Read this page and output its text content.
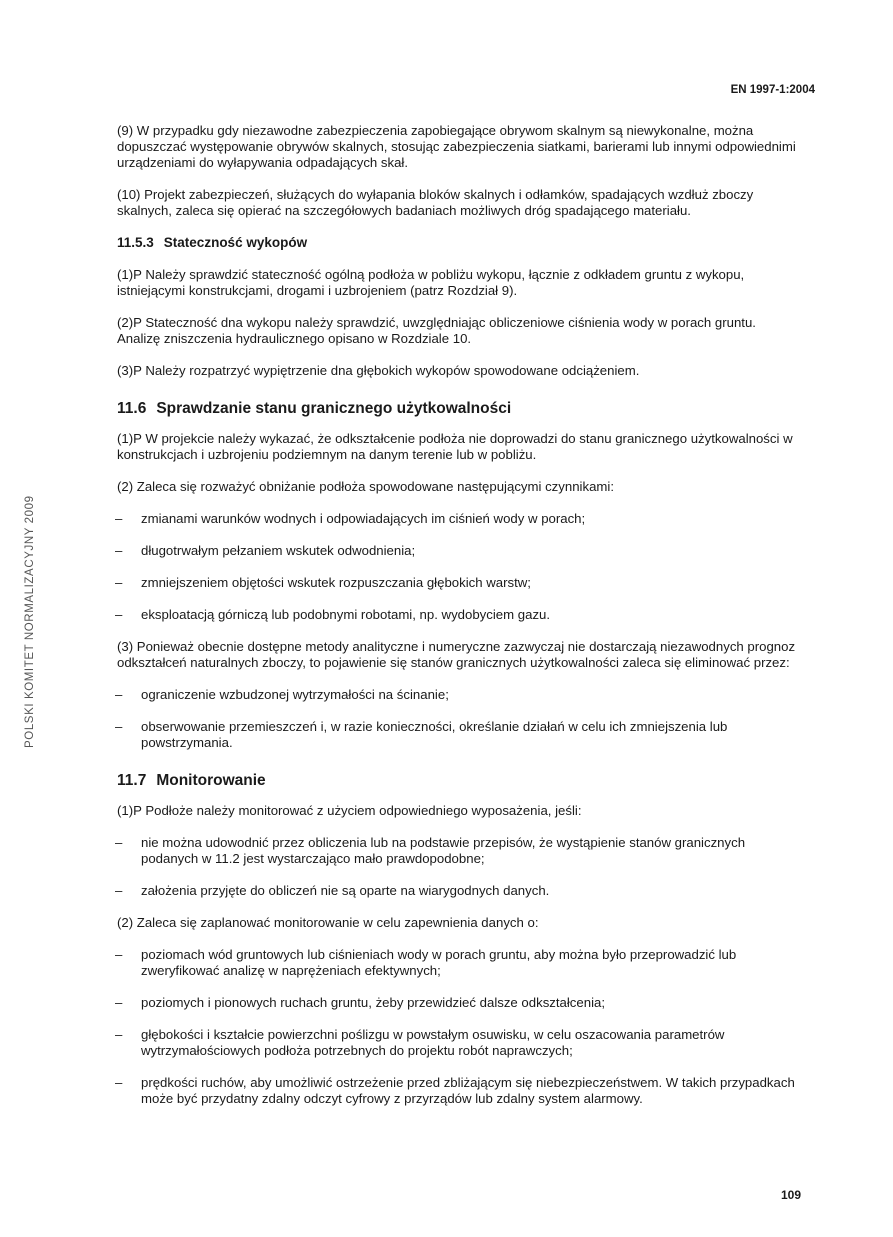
EN 1997-1:2004
POLSKI KOMITET NORMALIZACYJNY 2009

(9) W przypadku gdy niezawodne zabezpieczenia zapobiegające obrywom skalnym są niewykonalne, można dopuszczać występowanie obrywów skalnych, stosując zabezpieczenia siatkami, barierami lub innymi odpowiednimi urządzeniami do wyłapywania odpadających skał.

(10) Projekt zabezpieczeń, służących do wyłapania bloków skalnych i odłamków, spadających wzdłuż zboczy skalnych, zaleca się opierać na szczegółowych badaniach możliwych dróg spadającego materiału.

11.5.3 Stateczność wykopów

(1)P Należy sprawdzić stateczność ogólną podłoża w pobliżu wykopu, łącznie z odkładem gruntu z wykopu, istniejącymi konstrukcjami, drogami i uzbrojeniem (patrz Rozdział 9).

(2)P Stateczność dna wykopu należy sprawdzić, uwzględniając obliczeniowe ciśnienia wody w porach gruntu. Analizę zniszczenia hydraulicznego opisano w Rozdziale 10.

(3)P Należy rozpatrzyć wypiętrzenie dna głębokich wykopów spowodowane odciążeniem.

11.6 Sprawdzanie stanu granicznego użytkowalności

(1)P W projekcie należy wykazać, że odkształcenie podłoża nie doprowadzi do stanu granicznego użytkowalności w konstrukcjach i uzbrojeniu podziemnym na danym terenie lub w pobliżu.

(2) Zaleca się rozważyć obniżanie podłoża spowodowane następującymi czynnikami:

– zmianami warunków wodnych i odpowiadających im ciśnień wody w porach;
– długotrwałym pełzaniem wskutek odwodnienia;
– zmniejszeniem objętości wskutek rozpuszczania głębokich warstw;
– eksploatacją górniczą lub podobnymi robotami, np. wydobyciem gazu.

(3) Ponieważ obecnie dostępne metody analityczne i numeryczne zazwyczaj nie dostarczają niezawodnych prognoz odkształceń naturalnych zboczy, to pojawienie się stanów granicznych użytkowalności zaleca się eliminować przez:

– ograniczenie wzbudzonej wytrzymałości na ścinanie;
– obserwowanie przemieszczeń i, w razie konieczności, określanie działań w celu ich zmniejszenia lub powstrzymania.
11.7 Monitorowanie

(1)P Podłoże należy monitorować z użyciem odpowiedniego wyposażenia, jeśli:

– nie można udowodnić przez obliczenia lub na podstawie przepisów, że wystąpienie stanów granicznych podanych w 11.2 jest wystarczająco mało prawdopodobne;
– założenia przyjęte do obliczeń nie są oparte na wiarygodnych danych.

(2) Zaleca się zaplanować monitorowanie w celu zapewnienia danych o:

– poziomach wód gruntowych lub ciśnieniach wody w porach gruntu, aby można było przeprowadzić lub zweryfikować analizę w naprężeniach efektywnych;
– poziomych i pionowych ruchach gruntu, żeby przewidzieć dalsze odkształcenia;
– głębokości i kształcie powierzchni poślizgu w powstałym osuwisku, w celu oszacowania parametrów wytrzymałościowych podłoża potrzebnych do projektu robót naprawczych;
– prędkości ruchów, aby umożliwić ostrzeżenie przed zbliżającym się niebezpieczeństwem. W takich przypadkach może być przydatny zdalny odczyt cyfrowy z przyrządów lub zdalny system alarmowy.
109
